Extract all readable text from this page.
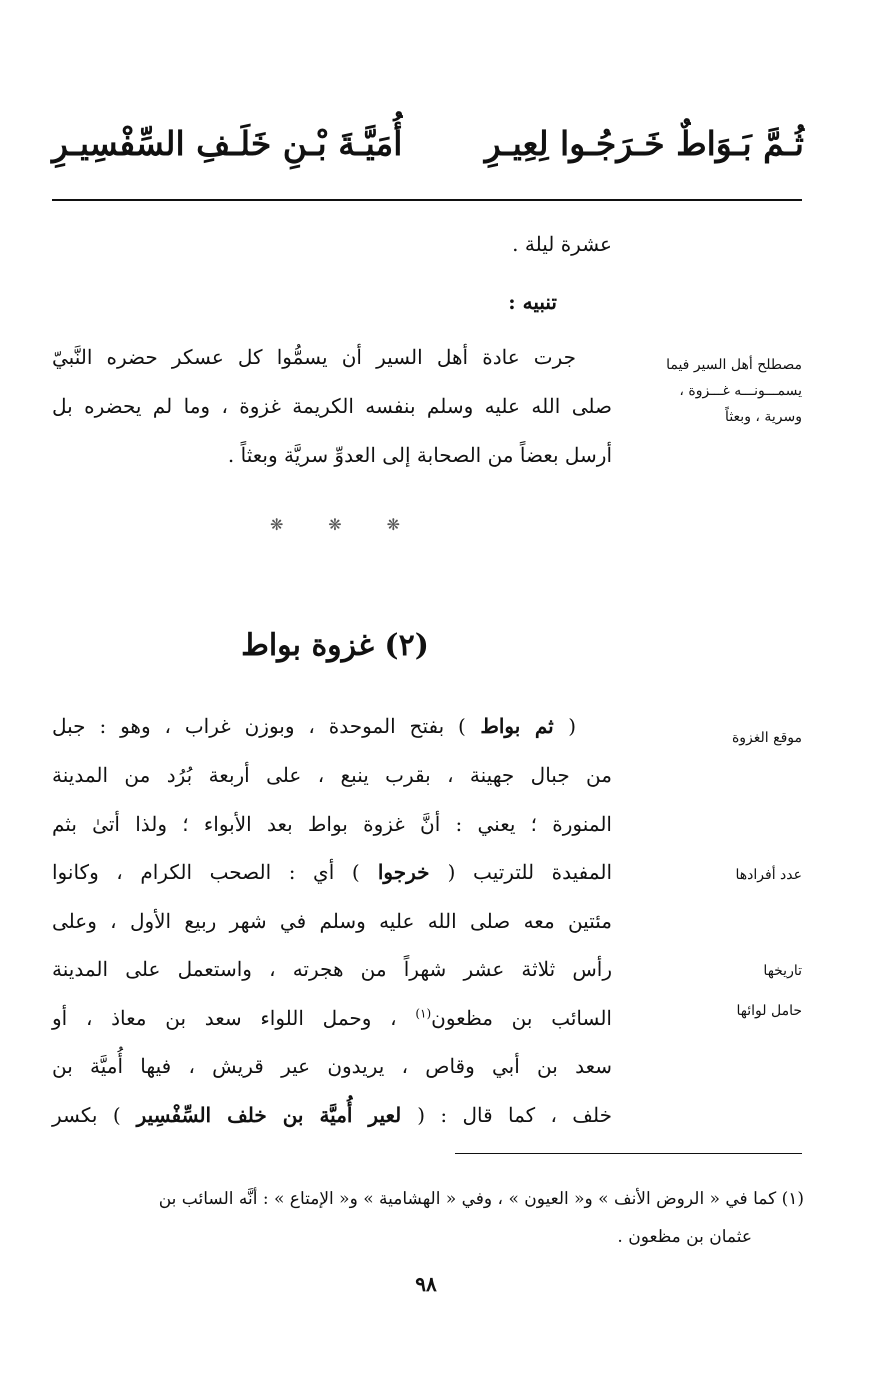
ثُـمَّ بَـوَاطٌ خَـرَجُـوا لِعِيـرِ
أُمَيَّـةَ بْـنِ خَلَـفِ السِّفْسِيـرِ
عشرة ليلة .
تنبيه :
جرت عادة أهل السير أن يسمُّوا كل عسكر حضره النَّبيّ
صلى الله عليه وسلم بنفسه الكريمة غزوة ، وما لم يحضره بل
أرسل بعضاً من الصحابة إلى العدوِّ سريَّة وبعثاً .
مصطلح أهل السير فيما
يسمـــونـــه غـــزوة ،
وسرية ، وبعثاً
❋
❋
❋
(٢) غزوة بواط
( ثم بواط ) بفتح الموحدة ، وبوزن غراب ، وهو : جبل
من جبال جهينة ، بقرب ينبع ، على أربعة بُرُد من المدينة
المنورة ؛ يعني : أنَّ غزوة بواط بعد الأبواء ؛ ولذا أتىٰ بثم
المفيدة للترتيب ( خرجوا ) أي : الصحب الكرام ، وكانوا
مئتين معه صلى الله عليه وسلم في شهر ربيع الأول ، وعلى
رأس ثلاثة عشر شهراً من هجرته ، واستعمل على المدينة
السائب بن مظعون$^{(١)}$ ، وحمل اللواء سعد بن معاذ ، أو
سعد بن أبي وقاص ، يريدون عير قريش ، فيها أُميَّة بن
خلف ، كما قال : ( لعير أُميَّة بن خلف السِّفْسِير ) بكسر
موقع الغزوة
عدد أفرادها
تاريخها
حامل لوائها
(١) كما في « الروض الأنف » و« العيون » ، وفي « الهشامية » و« الإمتاع » : أنَّه السائب بن
عثمان بن مظعون .
٩٨
